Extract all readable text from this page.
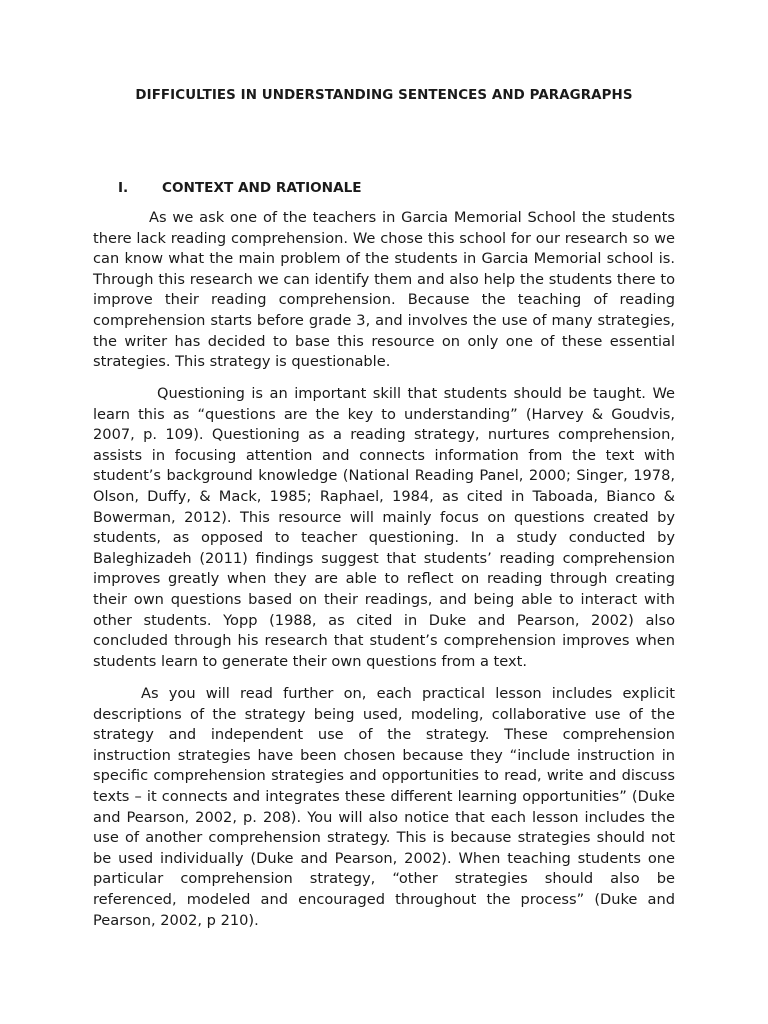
DIFFICULTIES IN UNDERSTANDING SENTENCES AND PARAGRAPHS
I. CONTEXT AND RATIONALE

As we ask one of the teachers in Garcia Memorial School the students there lack reading comprehension. We chose this school for our research so we can know what the main problem of the students in Garcia Memorial school is. Through this research we can identify them and also help the students there to improve their reading comprehension. Because the teaching of reading comprehension starts before grade 3, and involves the use of many strategies, the writer has decided to base this resource on only one of these essential strategies. This strategy is questionable.

Questioning is an important skill that students should be taught. We learn this as “questions are the key to understanding” (Harvey & Goudvis, 2007, p. 109). Questioning as a reading strategy, nurtures comprehension, assists in focusing attention and connects information from the text with student’s background knowledge (National Reading Panel, 2000; Singer, 1978, Olson, Duffy, & Mack, 1985; Raphael, 1984, as cited in Taboada, Bianco & Bowerman, 2012). This resource will mainly focus on questions created by students, as opposed to teacher questioning. In a study conducted by Baleghizadeh (2011) findings suggest that students’ reading comprehension improves greatly when they are able to reflect on reading through creating their own questions based on their readings, and being able to interact with other students. Yopp (1988, as cited in Duke and Pearson, 2002) also concluded through his research that student’s comprehension improves when students learn to generate their own questions from a text.

As you will read further on, each practical lesson includes explicit descriptions of the strategy being used, modeling, collaborative use of the strategy and independent use of the strategy. These comprehension instruction strategies have been chosen because they “include instruction in specific comprehension strategies and opportunities to read, write and discuss texts – it connects and integrates these different learning opportunities” (Duke and Pearson, 2002, p. 208). You will also notice that each lesson includes the use of another comprehension strategy. This is because strategies should not be used individually (Duke and Pearson, 2002). When teaching students one particular comprehension strategy, “other strategies should also be referenced, modeled and encouraged throughout the process” (Duke and Pearson, 2002, p 210).
